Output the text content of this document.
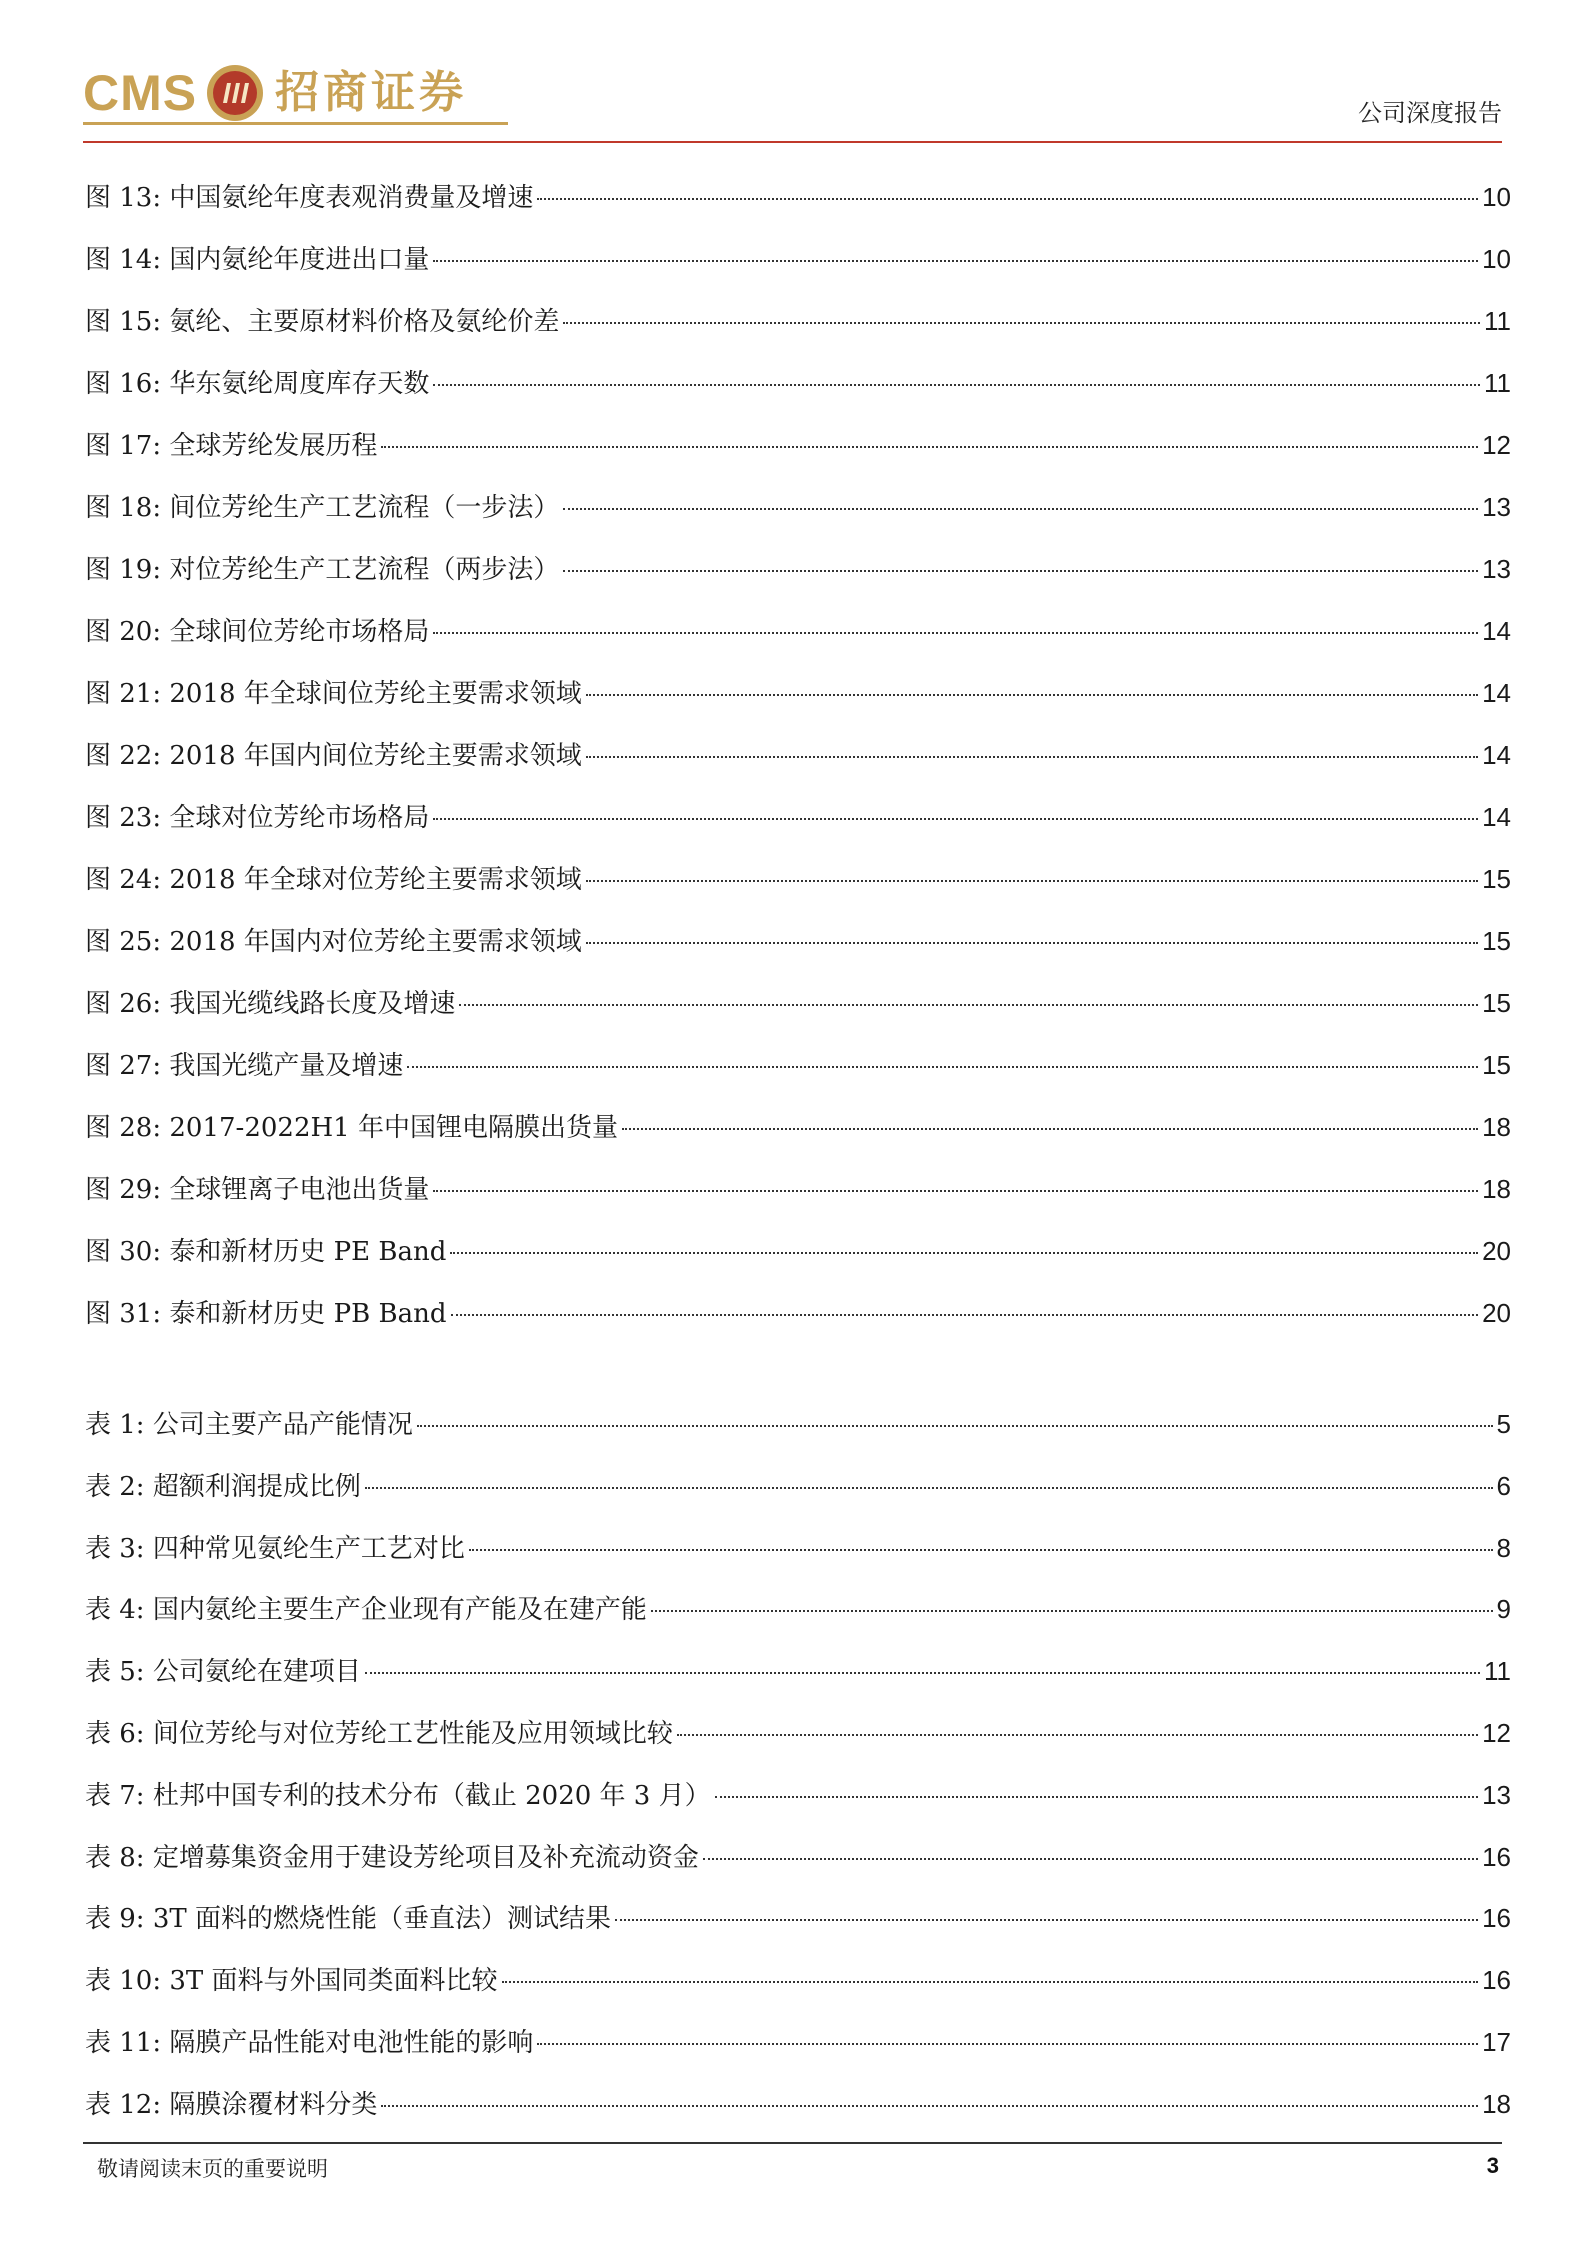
CMS 招商证券	公司深度报告
图 13: 中国氨纶年度表观消费量及增速	10
图 14: 国内氨纶年度进出口量	10
图 15: 氨纶、主要原材料价格及氨纶价差	11
图 16: 华东氨纶周度库存天数	11
图 17: 全球芳纶发展历程	12
图 18: 间位芳纶生产工艺流程（一步法）	13
图 19: 对位芳纶生产工艺流程（两步法）	13
图 20: 全球间位芳纶市场格局	14
图 21: 2018 年全球间位芳纶主要需求领域	14
图 22: 2018 年国内间位芳纶主要需求领域	14
图 23: 全球对位芳纶市场格局	14
图 24: 2018 年全球对位芳纶主要需求领域	15
图 25: 2018 年国内对位芳纶主要需求领域	15
图 26: 我国光缆线路长度及增速	15
图 27: 我国光缆产量及增速	15
图 28: 2017-2022H1 年中国锂电隔膜出货量	18
图 29: 全球锂离子电池出货量	18
图 30: 泰和新材历史 PE Band	20
图 31: 泰和新材历史 PB Band	20
表 1: 公司主要产品产能情况	5
表 2: 超额利润提成比例	6
表 3: 四种常见氨纶生产工艺对比	8
表 4: 国内氨纶主要生产企业现有产能及在建产能	9
表 5: 公司氨纶在建项目	11
表 6: 间位芳纶与对位芳纶工艺性能及应用领域比较	12
表 7: 杜邦中国专利的技术分布（截止 2020 年 3 月）	13
表 8: 定增募集资金用于建设芳纶项目及补充流动资金	16
表 9: 3T 面料的燃烧性能（垂直法）测试结果	16
表 10: 3T 面料与外国同类面料比较	16
表 11: 隔膜产品性能对电池性能的影响	17
表 12: 隔膜涂覆材料分类	18
敬请阅读末页的重要说明	3
